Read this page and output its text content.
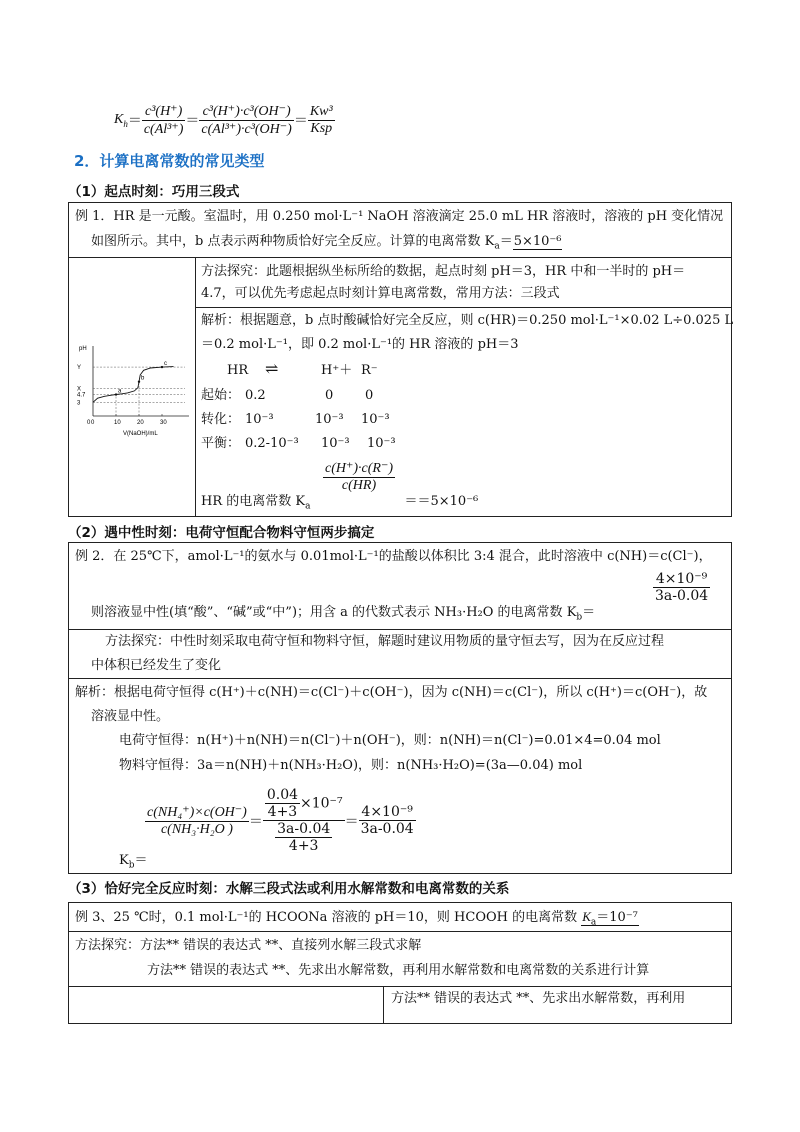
$K_h = \frac{\text{c³(H⁺)}}{\text{c(Al³⁺)}} = \frac{\text{c³(H⁺)·c³(OH⁻)}}{\text{c(Al³⁺)·c³(OH⁻)}} = \frac{\text{Kw³}}{\text{Ksp}}$
2．计算电离常数的常见类型
（1）起点时刻：巧用三段式
例 1．HR 是一元酸。室温时，用 0.250 mol·L⁻¹ NaOH 溶液滴定 25.0 mL HR 溶液时，溶液的 pH 变化情况
如图所示。其中，b 点表示两种物质恰好完全反应。计算的电离常数 $K_a=5\times 10^{-6}$
pH
V(NaOH)/mL
0	10	20	30
Y
X
4.7
3
a
b
c
0
方法探究：此题根据纵坐标所给的数据，起点时刻 pH＝3，HR 中和一半时的 pH＝
4.7，可以优先考虑起点时刻计算电离常数，常用方法：三段式
解析：根据题意，b 点时酸碱恰好完全反应，则 c(HR)＝0.250 mol·L⁻¹×0.02 L÷0.025 L
＝0.2 mol·L⁻¹，即 0.2 mol·L⁻¹的 HR 溶液的 pH＝3
HR ⇌	H⁺＋ R⁻
起始： 0.2	0 0
转化： 10⁻³	10⁻³ 10⁻³
平衡： 0.2-10⁻³ 10⁻³ 10⁻³
$\frac{c(H^+)\cdot c(R^-)}{c(HR)}$
HR 的电离常数 $K_a$	＝＝5×10⁻⁶
（2）遇中性时刻：电荷守恒配合物料守恒两步搞定
例 2．在 25℃下，amol·L⁻¹的氨水与 0.01mol·L⁻¹的盐酸以体积比 3:4 混合，此时溶液中 c(NH)＝c(Cl⁻)，
$\frac{\text{4×10⁻⁹}}{3a-0.04}$
则溶液显中性(填“酸”、“碱”或“中”)；用含 a 的代数式表示 NH₃·H₂O 的电离常数 $K_b=$
方法探究：中性时刻采取电荷守恒和物料守恒，解题时建议用物质的量守恒去写，因为在反应过程
中体积已经发生了变化
解析：根据电荷守恒得 c(H⁺)＋c(NH)＝c(Cl⁻)＋c(OH⁻)，因为 c(NH)＝c(Cl⁻)，所以 c(H⁺)＝c(OH⁻)，故
溶液显中性。
电荷守恒得：n(H⁺)＋n(NH)＝n(Cl⁻)＋n(OH⁻)，则：n(NH)＝n(Cl⁻)=0.01×4=0.04 mol
物料守恒得：3a＝n(NH)＋n(NH₃·H₂O)，则：n(NH₃·H₂O)=(3a—0.04) mol
$\frac{\text{c(NH₄⁺)×c(OH⁻)}}{\text{c(NH₃·H₂O )}} = \frac{\frac{0.04}{4+3} \times 10^{-7}}{\frac{3a-0.04}{4+3}} = \frac{\text{4×10⁻⁹}}{3a-0.04}$
$K_b=$
（3）恰好完全反应时刻：水解三段式法或利用水解常数和电离常数的关系
例 3、25 ℃时，0.1 mol·L⁻¹的 HCOONa 溶液的 pH＝10，则 HCOOH 的电离常数 $K_a=10^{-7}$
方法探究：方法** 错误的表达式 **、直接列水解三段式求解
方法** 错误的表达式 **、先求出水解常数，再利用水解常数和电离常数的关系进行计算
方法** 错误的表达式 **、先求出水解常数，再利用
